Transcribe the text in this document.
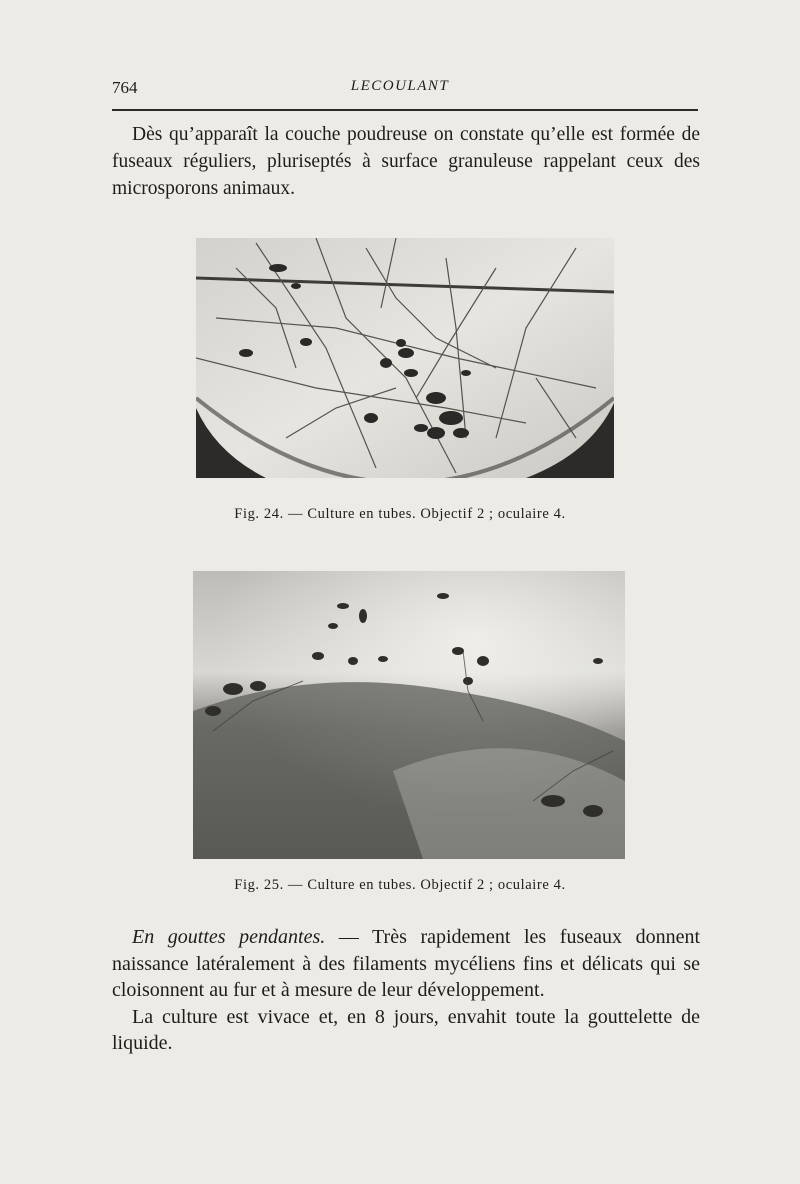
764	LECOULANT

Dès qu’apparaît la couche poudreuse on constate qu’elle est formée de fuseaux réguliers, pluriseptés à surface granuleuse rappelant ceux des microsporons animaux.

Fig. 24. — Culture en tubes. Objectif 2 ; oculaire 4.
Fig. 25. — Culture en tubes. Objectif 2 ; oculaire 4.

En gouttes pendantes. — Très rapidement les fuseaux donnent naissance latéralement à des filaments mycéliens fins et délicats qui se cloisonnent au fur et à mesure de leur développement.

La culture est vivace et, en 8 jours, envahit toute la gouttelette de liquide.
